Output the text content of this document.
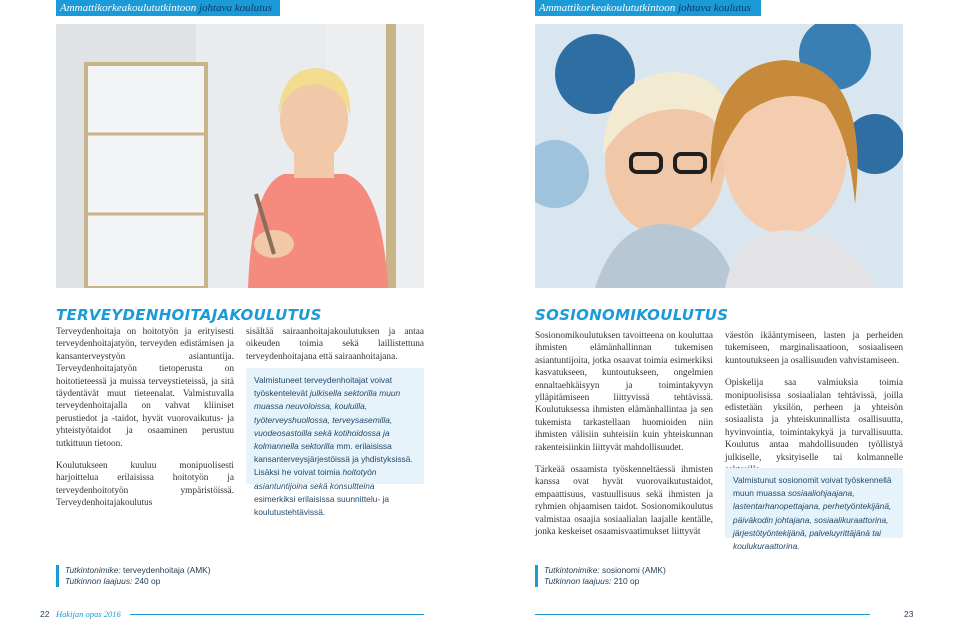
Ammattikorkeakoulututkintoon johtava koulutus	Ammattikorkeakoulututkintoon johtava koulutus
TERVEYDENHOITAJAKOULUTUS

Terveydenhoitaja on hoitotyön ja erityisesti terveydenhoitajatyön, terveyden edistämisen ja kansanterveystyön asiantuntija. Terveydenhoitajatyön tietoperusta on hoitotieteessä ja muissa terveystieteissä, ja sitä täydentävät muut tieteenalat. Valmistuvalla terveydenhoitajalla on vahvat kliiniset perustiedot ja -taidot, hyvät vuorovaikutus- ja yhteistyötaidot ja osaaminen perustuu tutkittuun tietoon.

Koulutukseen kuuluu monipuolisesti harjoittelua erilaisissa hoitotyön ja terveydenhoitotyön ympäristöissä. Terveydenhoitajakoulutus

sisältää sairaanhoitajakoulutuksen ja antaa oikeuden toimia sekä laillistettuna terveydenhoitajana että sairaanhoitajana.

Valmistuneet terveydenhoitajat voivat työskentelevät julkisella sektorilla muun muassa neuvoloissa, kouluilla, työterveyshuollossa, terveysasemilla, vuodeosastoilla sekä kotihoidossa ja kolmannella sektorilla mm. erilaisissa kansanterveysjärjestöissä ja yhdistyksissä. Lisäksi he voivat toimia hoitotyön asiantuntijoina sekä konsultteina esimerkiksi erilaisissa suunnittelu- ja koulutustehtävissä.
Tutkintonimike: terveydenhoitaja (AMK)
Tutkinnon laajuus: 240 op
SOSIONOMIKOULUTUS

Sosionomikoulutuksen tavoitteena on kouluttaa ihmisten elämänhallinnan tukemisen asiantuntijoita, jotka osaavat toimia esimerkiksi kasvatukseen, kuntoutukseen, ongelmien ennaltaehkäisyyn ja toimintakyvyn ylläpitämiseen liittyvissä tehtävissä. Koulutuksessa ihmisten elämänhallintaa ja sen tukemista tarkastellaan huomioiden niin ihmisten välisiin suhteisiin kuin yhteiskunnan rakenteisiinkin liittyvät mahdollisuudet.

Tärkeää osaamista työskenneltäessä ihmisten kanssa ovat hyvät vuorovaikutustaidot, empaattisuus, vastuullisuus sekä ihmisten ja ryhmien ohjaamisen taidot. Sosionomikoulutus valmistaa osaajia sosiaalialan laajalle kentälle, jonka keskeiset osaamisvaatimukset liittyvät

väestön ikääntymiseen, lasten ja perheiden tukemiseen, marginalisaatioon, sosiaaliseen kuntoutukseen ja osallisuuden vahvistamiseen.

Opiskelija saa valmiuksia toimia monipuolisissa sosiaalialan tehtävissä, joilla edistetään yksilön, perheen ja yhteisön sosiaalista ja yhteiskunnallista osallisuutta, hyvinvointia, toimintakykyä ja turvallisuutta. Koulutus antaa mahdollisuuden työllistyä julkiselle, yksityiselle tai kolmannelle

Valmistunut sosionomit voivat työskennellä muun muassa sosiaaliohjaajana, lastentarhanopettajana, perhetyöntekijänä, päiväkodin johtajana, sosiaalikuraattorina, järjestötyöntekijänä, palveluyrittäjänä tai koulukuraattorina.
Tutkintonimike: sosionomi (AMK)
Tutkinnon laajuus: 210 op
22 Hakijan opas 2016	23
